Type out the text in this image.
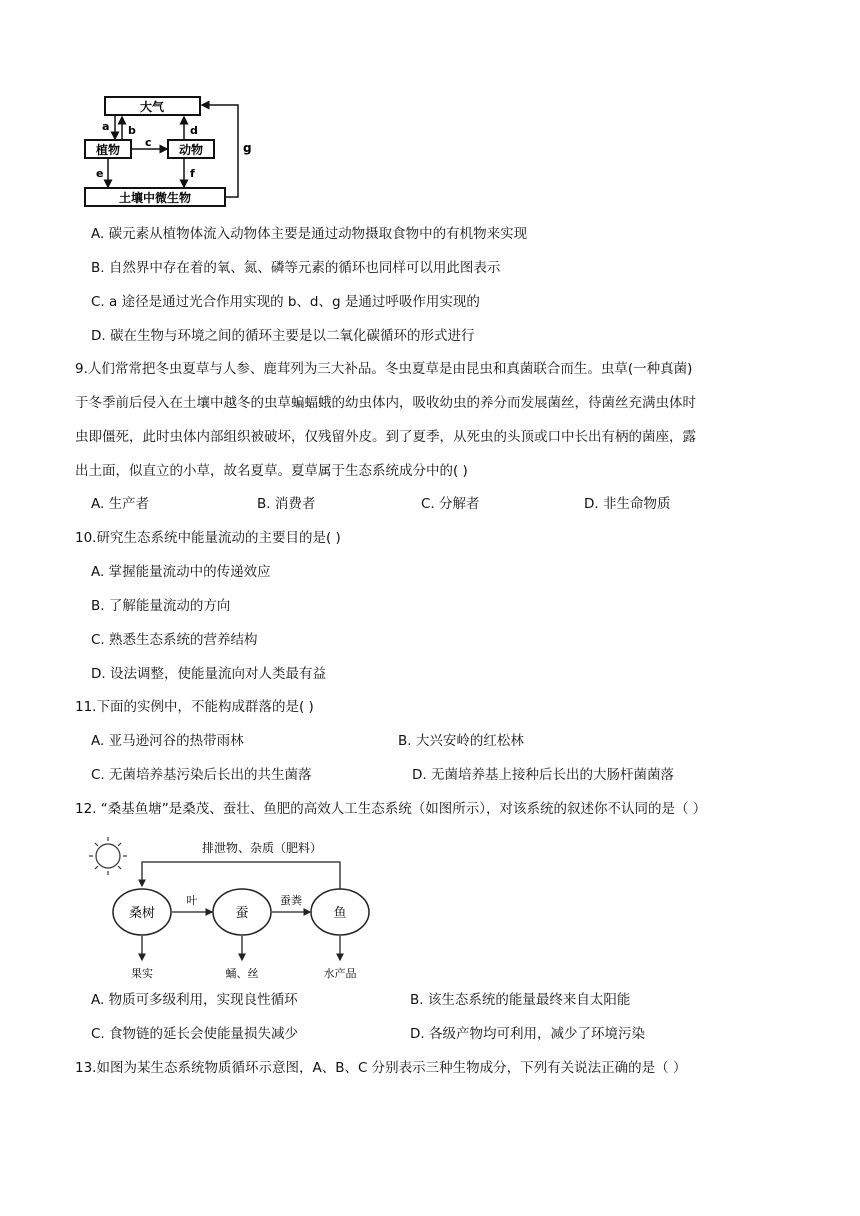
大气
植物	动物
土壤中微生物
a b
c
d
e	f
g
A. 碳元素从植物体流入动物体主要是通过动物摄取食物中的有机物来实现
B. 自然界中存在着的氧、氮、磷等元素的循环也同样可以用此图表示
C. a 途径是通过光合作用实现的 b、d、g 是通过呼吸作用实现的
D. 碳在生物与环境之间的循环主要是以二氧化碳循环的形式进行
9.人们常常把冬虫夏草与人参、鹿茸列为三大补品。冬虫夏草是由昆虫和真菌联合而生。虫草(一种真菌)
于冬季前后侵入在土壤中越冬的虫草蝙蝠蛾的幼虫体内，吸收幼虫的养分而发展菌丝，待菌丝充满虫体时
虫即僵死，此时虫体内部组织被破坏，仅残留外皮。到了夏季，从死虫的头顶或口中长出有柄的菌座，露
出土面，似直立的小草，故名夏草。夏草属于生态系统成分中的( )
A. 生产者	B. 消费者	C. 分解者	D. 非生命物质
10.研究生态系统中能量流动的主要目的是( )
A. 掌握能量流动中的传递效应
B. 了解能量流动的方向
C. 熟悉生态系统的营养结构
D. 设法调整，使能量流向对人类最有益
11.下面的实例中，不能构成群落的是( )
A. 亚马逊河谷的热带雨林	B. 大兴安岭的红松林
C. 无菌培养基污染后长出的共生菌落	D. 无菌培养基上接种后长出的大肠杆菌菌落
12. “桑基鱼塘”是桑茂、蚕壮、鱼肥的高效人工生态系统（如图所示），对该系统的叙述你不认同的是（ ）
排泄物、杂质（肥料）
桑树	蚕	鱼
叶	蚕粪
果实	蛹、丝	水产品
A. 物质可多级利用，实现良性循环	B. 该生态系统的能量最终来自太阳能
C. 食物链的延长会使能量损失减少	D. 各级产物均可利用，减少了环境污染
13.如图为某生态系统物质循环示意图，A、B、C 分别表示三种生物成分，下列有关说法正确的是（ ）
